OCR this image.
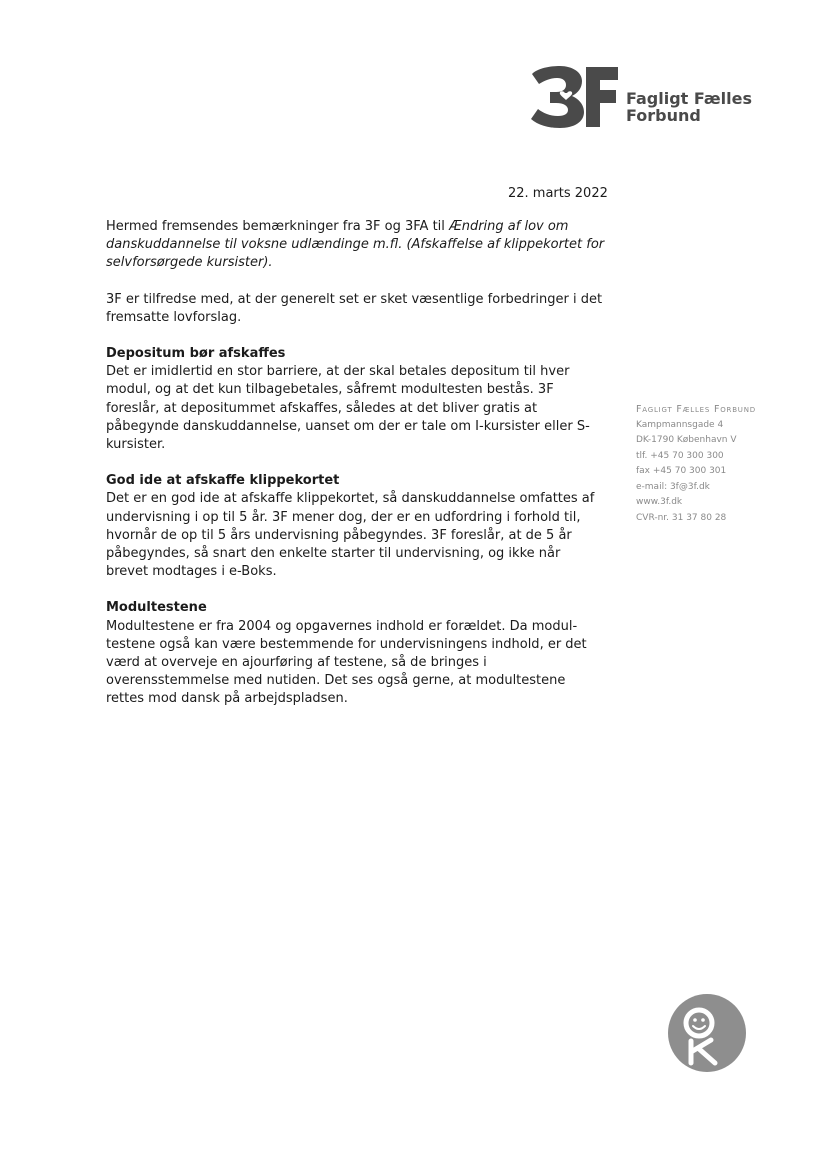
Fagligt Fælles
Forbund
22. marts 2022

Hermed fremsendes bemærkninger fra 3F og 3FA til Ændring af lov om danskuddannelse til voksne udlændinge m.fl. (Afskaffelse af klippekortet for selvforsørgede kursister).

3F er tilfredse med, at der generelt set er sket væsentlige forbedringer i det fremsatte lovforslag.

Depositum bør afskaffes
Det er imidlertid en stor barriere, at der skal betales depositum til hver modul, og at det kun tilbagebetales, såfremt modultesten bestås. 3F foreslår, at depositummet afskaffes, således at det bliver gratis at påbegynde danskuddannelse, uanset om der er tale om I-kursister eller S-kursister.
God ide at afskaffe klippekortet
Det er en god ide at afskaffe klippekortet, så danskuddannelse omfattes af undervisning i op til 5 år. 3F mener dog, der er en udfordring i forhold til, hvornår de op til 5 års undervisning påbegyndes. 3F foreslår, at de 5 år påbegyndes, så snart den enkelte starter til undervisning, og ikke når brevet modtages i e-Boks.
Modultestene
Modultestene er fra 2004 og opgavernes indhold er forældet. Da modul-testene også kan være bestemmende for undervisningens indhold, er det værd at overveje en ajourføring af testene, så de bringes i overensstemmelse med nutiden. Det ses også gerne, at modultestene rettes mod dansk på arbejdspladsen.
Fagligt Fælles Forbund
Kampmannsgade 4
DK-1790 København V
tlf. +45 70 300 300
fax +45 70 300 301
e-mail: 3f@3f.dk
www.3f.dk
CVR-nr. 31 37 80 28
